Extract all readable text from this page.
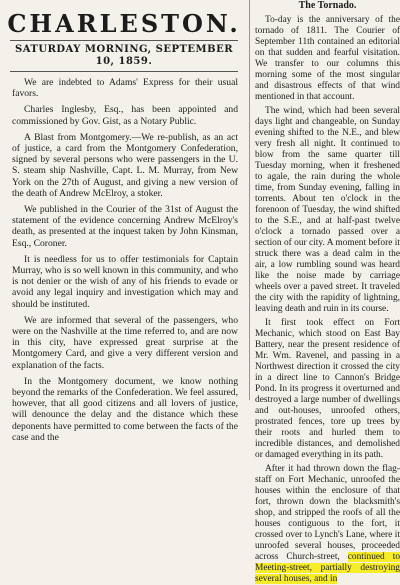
CHARLESTON.
SATURDAY MORNING, SEPTEMBER 10, 1859.

We are indebted to Adams' Express for their usual favors.

Charles Inglesby, Esq., has been appointed and commissioned by Gov. Gist, as a Notary Public.

A Blast from Montgomery.—We re-publish, as an act of justice, a card from the Montgomery Confederation, signed by several persons who were passengers in the U. S. steam ship Nashville, Capt. L. M. Murray, from New York on the 27th of August, and giving a new version of the death of Andrew McElroy, a stoker.

We published in the Courier of the 31st of August the statement of the evidence concerning Andrew McElroy's death, as presented at the inquest taken by John Kinsman, Esq., Coroner.

It is needless for us to offer testimonials for Captain Murray, who is so well known in this community, and who is not denier or the wish of any of his friends to evade or avoid any legal inquiry and investigation which may and should be instituted.

We are informed that several of the passengers, who were on the Nashville at the time referred to, and are now in this city, have expressed great surprise at the Montgomery Card, and give a very different version and explanation of the facts.

In the Montgomery document, we know nothing beyond the remarks of the Confederation. We feel assured, however, that all good citizens and all lovers of justice, will denounce the delay and the distance which these deponents have permitted to come between the facts of the case and the

The Tornado.

To-day is the anniversary of the tornado of 1811. The Courier of September 11th contained an editorial on that sudden and fearful visitation. We transfer to our columns this morning some of the most singular and disastrous effects of that wind mentioned in that account.

The wind, which had been several days light and changeable, on Sunday evening shifted to the N.E., and blew very fresh all night. It continued to blow from the same quarter till Tuesday morning, when it freshened to agale, the rain during the whole time, from Sunday evening, falling in torrents. About ten o'clock in the forenoon of Tuesday, the wind shifted to the S.E., and at half-past twelve o'clock a tornado passed over a section of our city. A moment before it struck there was a dead calm in the air, a low rumbling sound was heard like the noise made by carriage wheels over a paved street. It traveled the city with the rapidity of lightning, leaving death and ruin in its course.

It first took effect on Fort Mechanic, which stood on East Bay Battery, near the present residence of Mr. Wm. Ravenel, and passing in a Northwest direction it crossed the city in a direct line to Cannon's Bridge Pond. In its progress it overturned and destroyed a large number of dwellings and out-houses, unroofed others, prostrated fences, tore up trees by their roots and hurled them to incredible distances, and demolished or damaged everything in its path.

After it had thrown down the flag-staff on Fort Mechanic, unroofed the houses within the enclosure of that fort, thrown down the blacksmith's shop, and stripped the roofs of all the houses contiguous to the fort, it crossed over to Lynch's Lane, where it unroofed several houses, proceeded across Church-street, continued to Meeting-street, partially destroying several houses, and in
